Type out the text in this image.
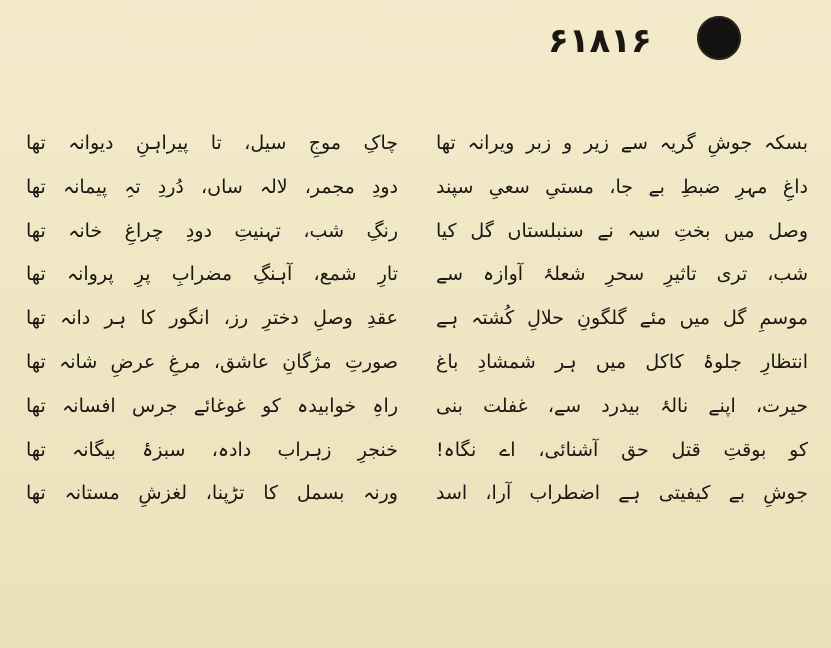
۶۱۸۱۶
بسکہ جوشِ گریہ سے زیر و زبر ویرانہ تھا
داغِ مہرِ ضبطِ بے جا، مستیِ سعیِ سپند
وصل میں بختِ سیہ نے سنبلستاں گل کیا
شب، تری تاثیرِ سحرِ شعلۂ آوازہ سے
موسمِ گل میں مئے گلگونِ حلالِ کُشتہ ہے
انتظارِ جلوۂ کاکل میں ہر شمشادِ باغ
حیرت، اپنے نالۂ بیدرد سے، غفلت بنی
کو بوقتِ قتل حق آشنائی، اے نگاہ!
جوشِ بے کیفیتی ہے اضطراب آرا، اسد
چاکِ موجِ سیل، تا پیراہنِ دیوانہ تھا
دودِ مجمر، لالہ ساں، دُردِ تہِ پیمانہ تھا
رنگِ شب، تہنیتِ دودِ چراغِ خانہ تھا
تارِ شمع، آہنگِ مضرابِ پرِ پروانہ تھا
عقدِ وصلِ دخترِ رز، انگور کا ہر دانہ تھا
صورتِ مژگانِ عاشق، مرغِ عرضِ شانہ تھا
راہِ خوابیدہ کو غوغائے جرس افسانہ تھا
خنجرِ زہراب دادہ، سبزۂ بیگانہ تھا
ورنہ بسمل کا تڑپنا، لغزشِ مستانہ تھا
